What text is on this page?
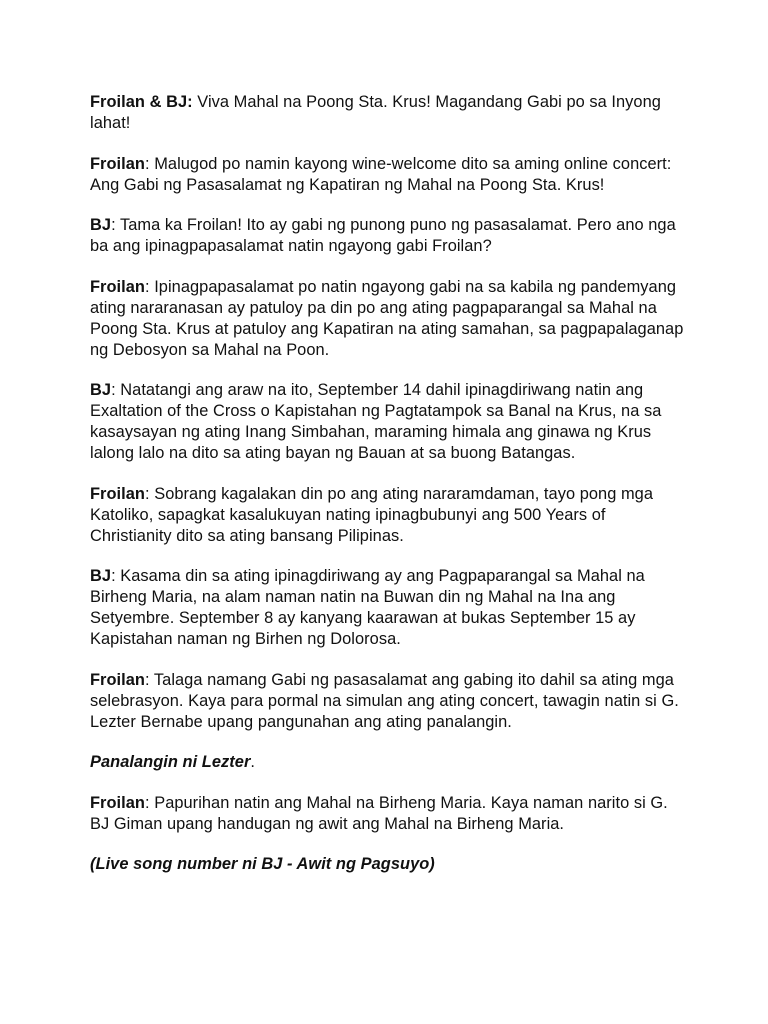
Froilan & BJ: Viva Mahal na Poong Sta. Krus! Magandang Gabi po sa Inyong lahat!

Froilan: Malugod po namin kayong wine-welcome dito sa aming online concert: Ang Gabi ng Pasasalamat ng Kapatiran ng Mahal na Poong Sta. Krus!

BJ: Tama ka Froilan! Ito ay gabi ng punong puno ng pasasalamat. Pero ano nga ba ang ipinagpapasalamat natin ngayong gabi Froilan?

Froilan: Ipinagpapasalamat po natin ngayong gabi na sa kabila ng pandemyang ating nararanasan ay patuloy pa din po ang ating pagpaparangal sa Mahal na Poong Sta. Krus at patuloy ang Kapatiran na ating samahan, sa pagpapalaganap ng Debosyon sa Mahal na Poon.

BJ: Natatangi ang araw na ito, September 14 dahil ipinagdiriwang natin ang Exaltation of the Cross o Kapistahan ng Pagtatampok sa Banal na Krus, na sa kasaysayan ng ating Inang Simbahan, maraming himala ang ginawa ng Krus lalong lalo na dito sa ating bayan ng Bauan at sa buong Batangas.

Froilan: Sobrang kagalakan din po ang ating nararamdaman, tayo pong mga Katoliko, sapagkat kasalukuyan nating ipinagbubunyi ang 500 Years of Christianity dito sa ating bansang Pilipinas.

BJ: Kasama din sa ating ipinagdiriwang ay ang Pagpaparangal sa Mahal na Birheng Maria, na alam naman natin na Buwan din ng Mahal na Ina ang Setyembre. September 8 ay kanyang kaarawan at bukas September 15 ay Kapistahan naman ng Birhen ng Dolorosa.

Froilan: Talaga namang Gabi ng pasasalamat ang gabing ito dahil sa ating mga selebrasyon. Kaya para pormal na simulan ang ating concert, tawagin natin si G. Lezter Bernabe upang pangunahan ang ating panalangin.

Panalangin ni Lezter.

Froilan: Papurihan natin ang Mahal na Birheng Maria. Kaya naman narito si G. BJ Giman upang handugan ng awit ang Mahal na Birheng Maria.

(Live song number ni BJ - Awit ng Pagsuyo)
